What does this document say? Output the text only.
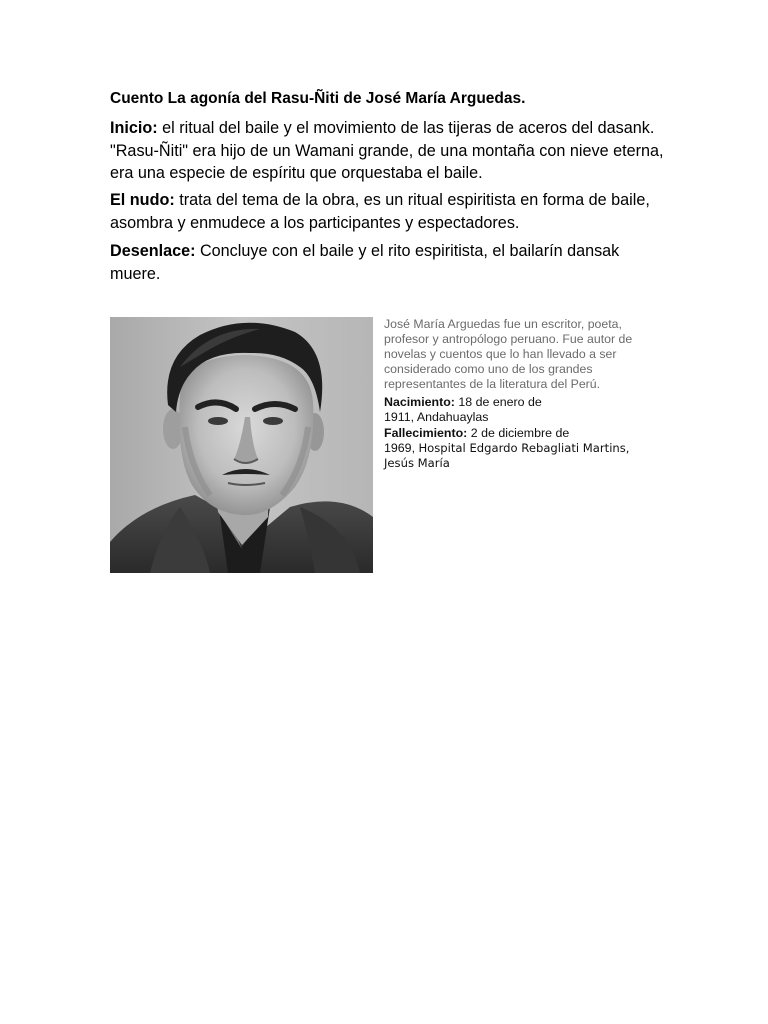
Cuento La agonía del Rasu-Ñiti de José María Arguedas.

Inicio: el ritual del baile y el movimiento de las tijeras de aceros del dasank. "Rasu-Ñiti" era hijo de un Wamani grande, de una montaña con nieve eterna, era una especie de espíritu que orquestaba el baile.

El nudo: trata del tema de la obra, es un ritual espiritista en forma de baile, asombra y enmudece a los participantes y espectadores.

Desenlace: Concluye con el baile y el rito espiritista, el bailarín dansak muere.

José María Arguedas fue un escritor, poeta, profesor y antropólogo peruano. Fue autor de novelas y cuentos que lo han llevado a ser considerado como uno de los grandes representantes de la literatura del Perú.

Nacimiento: 18 de enero de
1911, Andahuaylas
Fallecimiento: 2 de diciembre de
1969, Hospital Edgardo Rebagliati Martins,
Jesús María
